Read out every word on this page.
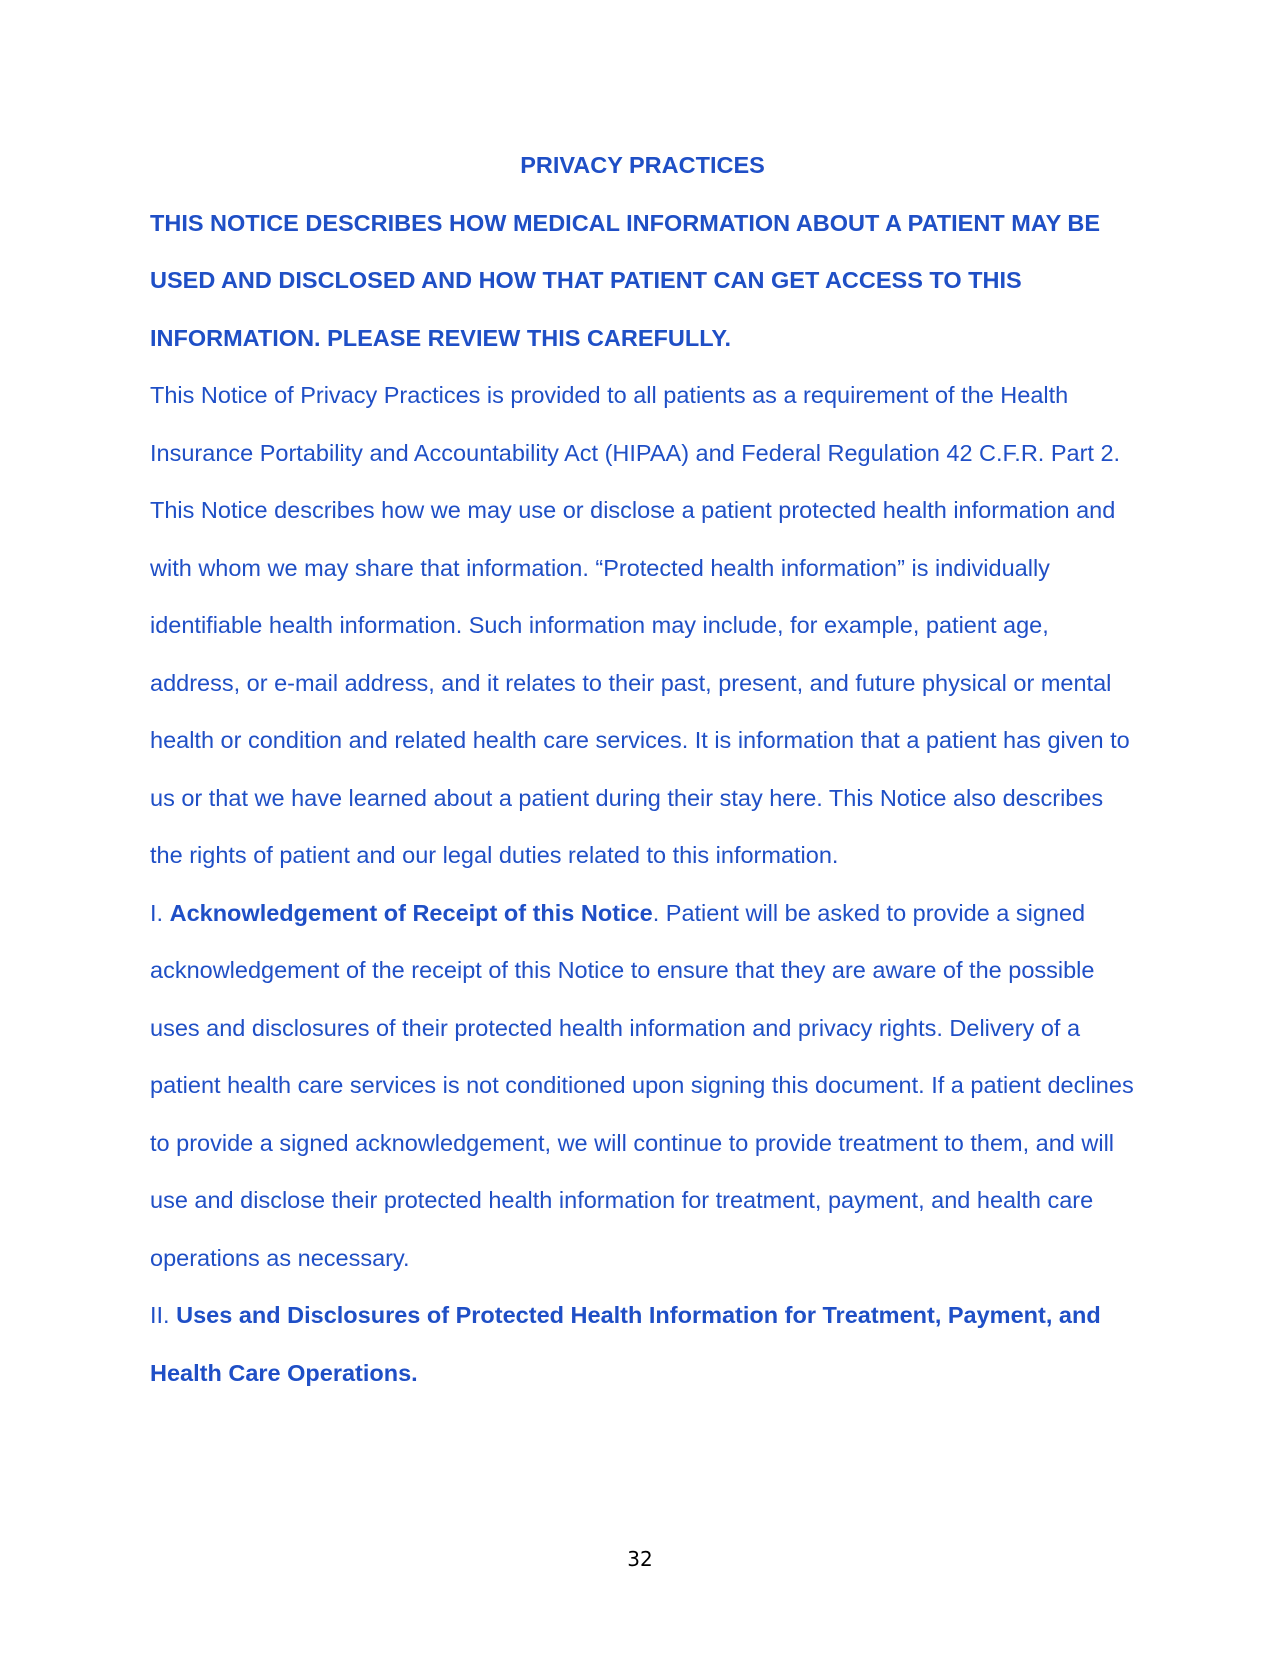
PRIVACY PRACTICES

THIS NOTICE DESCRIBES HOW MEDICAL INFORMATION ABOUT A PATIENT MAY BE USED AND DISCLOSED AND HOW THAT PATIENT CAN GET ACCESS TO THIS INFORMATION. PLEASE REVIEW THIS CAREFULLY.

This Notice of Privacy Practices is provided to all patients as a requirement of the Health Insurance Portability and Accountability Act (HIPAA) and Federal Regulation 42 C.F.R. Part 2. This Notice describes how we may use or disclose a patient protected health information and with whom we may share that information. “Protected health information” is individually identifiable health information. Such information may include, for example, patient age, address, or e-mail address, and it relates to their past, present, and future physical or mental health or condition and related health care services. It is information that a patient has given to us or that we have learned about a patient during their stay here. This Notice also describes the rights of patient and our legal duties related to this information.

I. Acknowledgement of Receipt of this Notice. Patient will be asked to provide a signed acknowledgement of the receipt of this Notice to ensure that they are aware of the possible uses and disclosures of their protected health information and privacy rights. Delivery of a patient health care services is not conditioned upon signing this document. If a patient declines to provide a signed acknowledgement, we will continue to provide treatment to them, and will use and disclose their protected health information for treatment, payment, and health care operations as necessary.

II. Uses and Disclosures of Protected Health Information for Treatment, Payment, and Health Care Operations.

32
